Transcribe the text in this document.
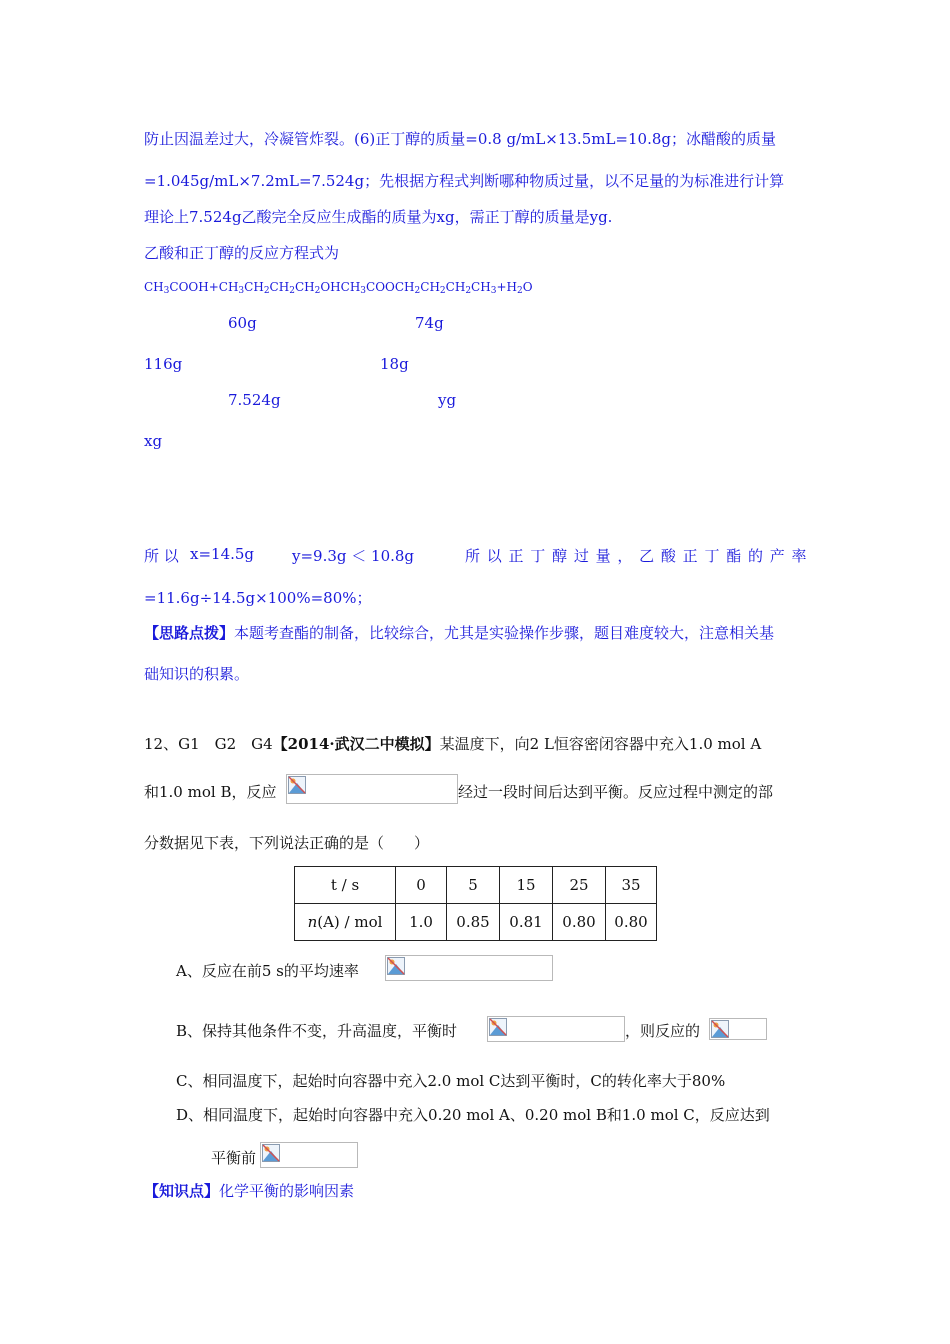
防止因温差过大，冷凝管炸裂。(6)正丁醇的质量=0.8 g/mL×13.5mL=10.8g；冰醋酸的质量
=1.045g/mL×7.2mL=7.524g；先根据方程式判断哪种物质过量，以不足量的为标准进行计算
理论上7.524g乙酸完全反应生成酯的质量为xg，需正丁醇的质量是yg.
乙酸和正丁醇的反应方程式为
$CH_3COOH+CH_3CH_2CH_2CH_2OHCH_3COOCH_2CH_2CH_2CH_3+H_2O$
60g	74g
116g	18g
7.524g	yg
xg
所 以 x=14.5g	y=9.3g ＜ 10.8g	所 以 正 丁 醇 过 量 ， 乙 酸 正 丁 酯 的 产 率
=11.6g÷14.5g×100%=80%；
【思路点拨】本题考查酯的制备，比较综合，尤其是实验操作步骤，题目难度较大，注意相关基
础知识的积累。
12、G1　G2　G4【2014·武汉二中模拟】某温度下，向2 L恒容密闭容器中充入1.0 mol A
和1.0 mol B，反应	经过一段时间后达到平衡。反应过程中测定的部
分数据见下表，下列说法正确的是（　　）
t / s	0	5	15	25	35
n(A) / mol	1.0	0.85	0.81	0.80	0.80
A、反应在前5 s的平均速率
B、保持其他条件不变，升高温度，平衡时	，则反应的
C、相同温度下，起始时向容器中充入2.0 mol C达到平衡时，C的转化率大于80%
D、相同温度下，起始时向容器中充入0.20 mol A、0.20 mol B和1.0 mol C，反应达到
平衡前
【知识点】化学平衡的影响因素
